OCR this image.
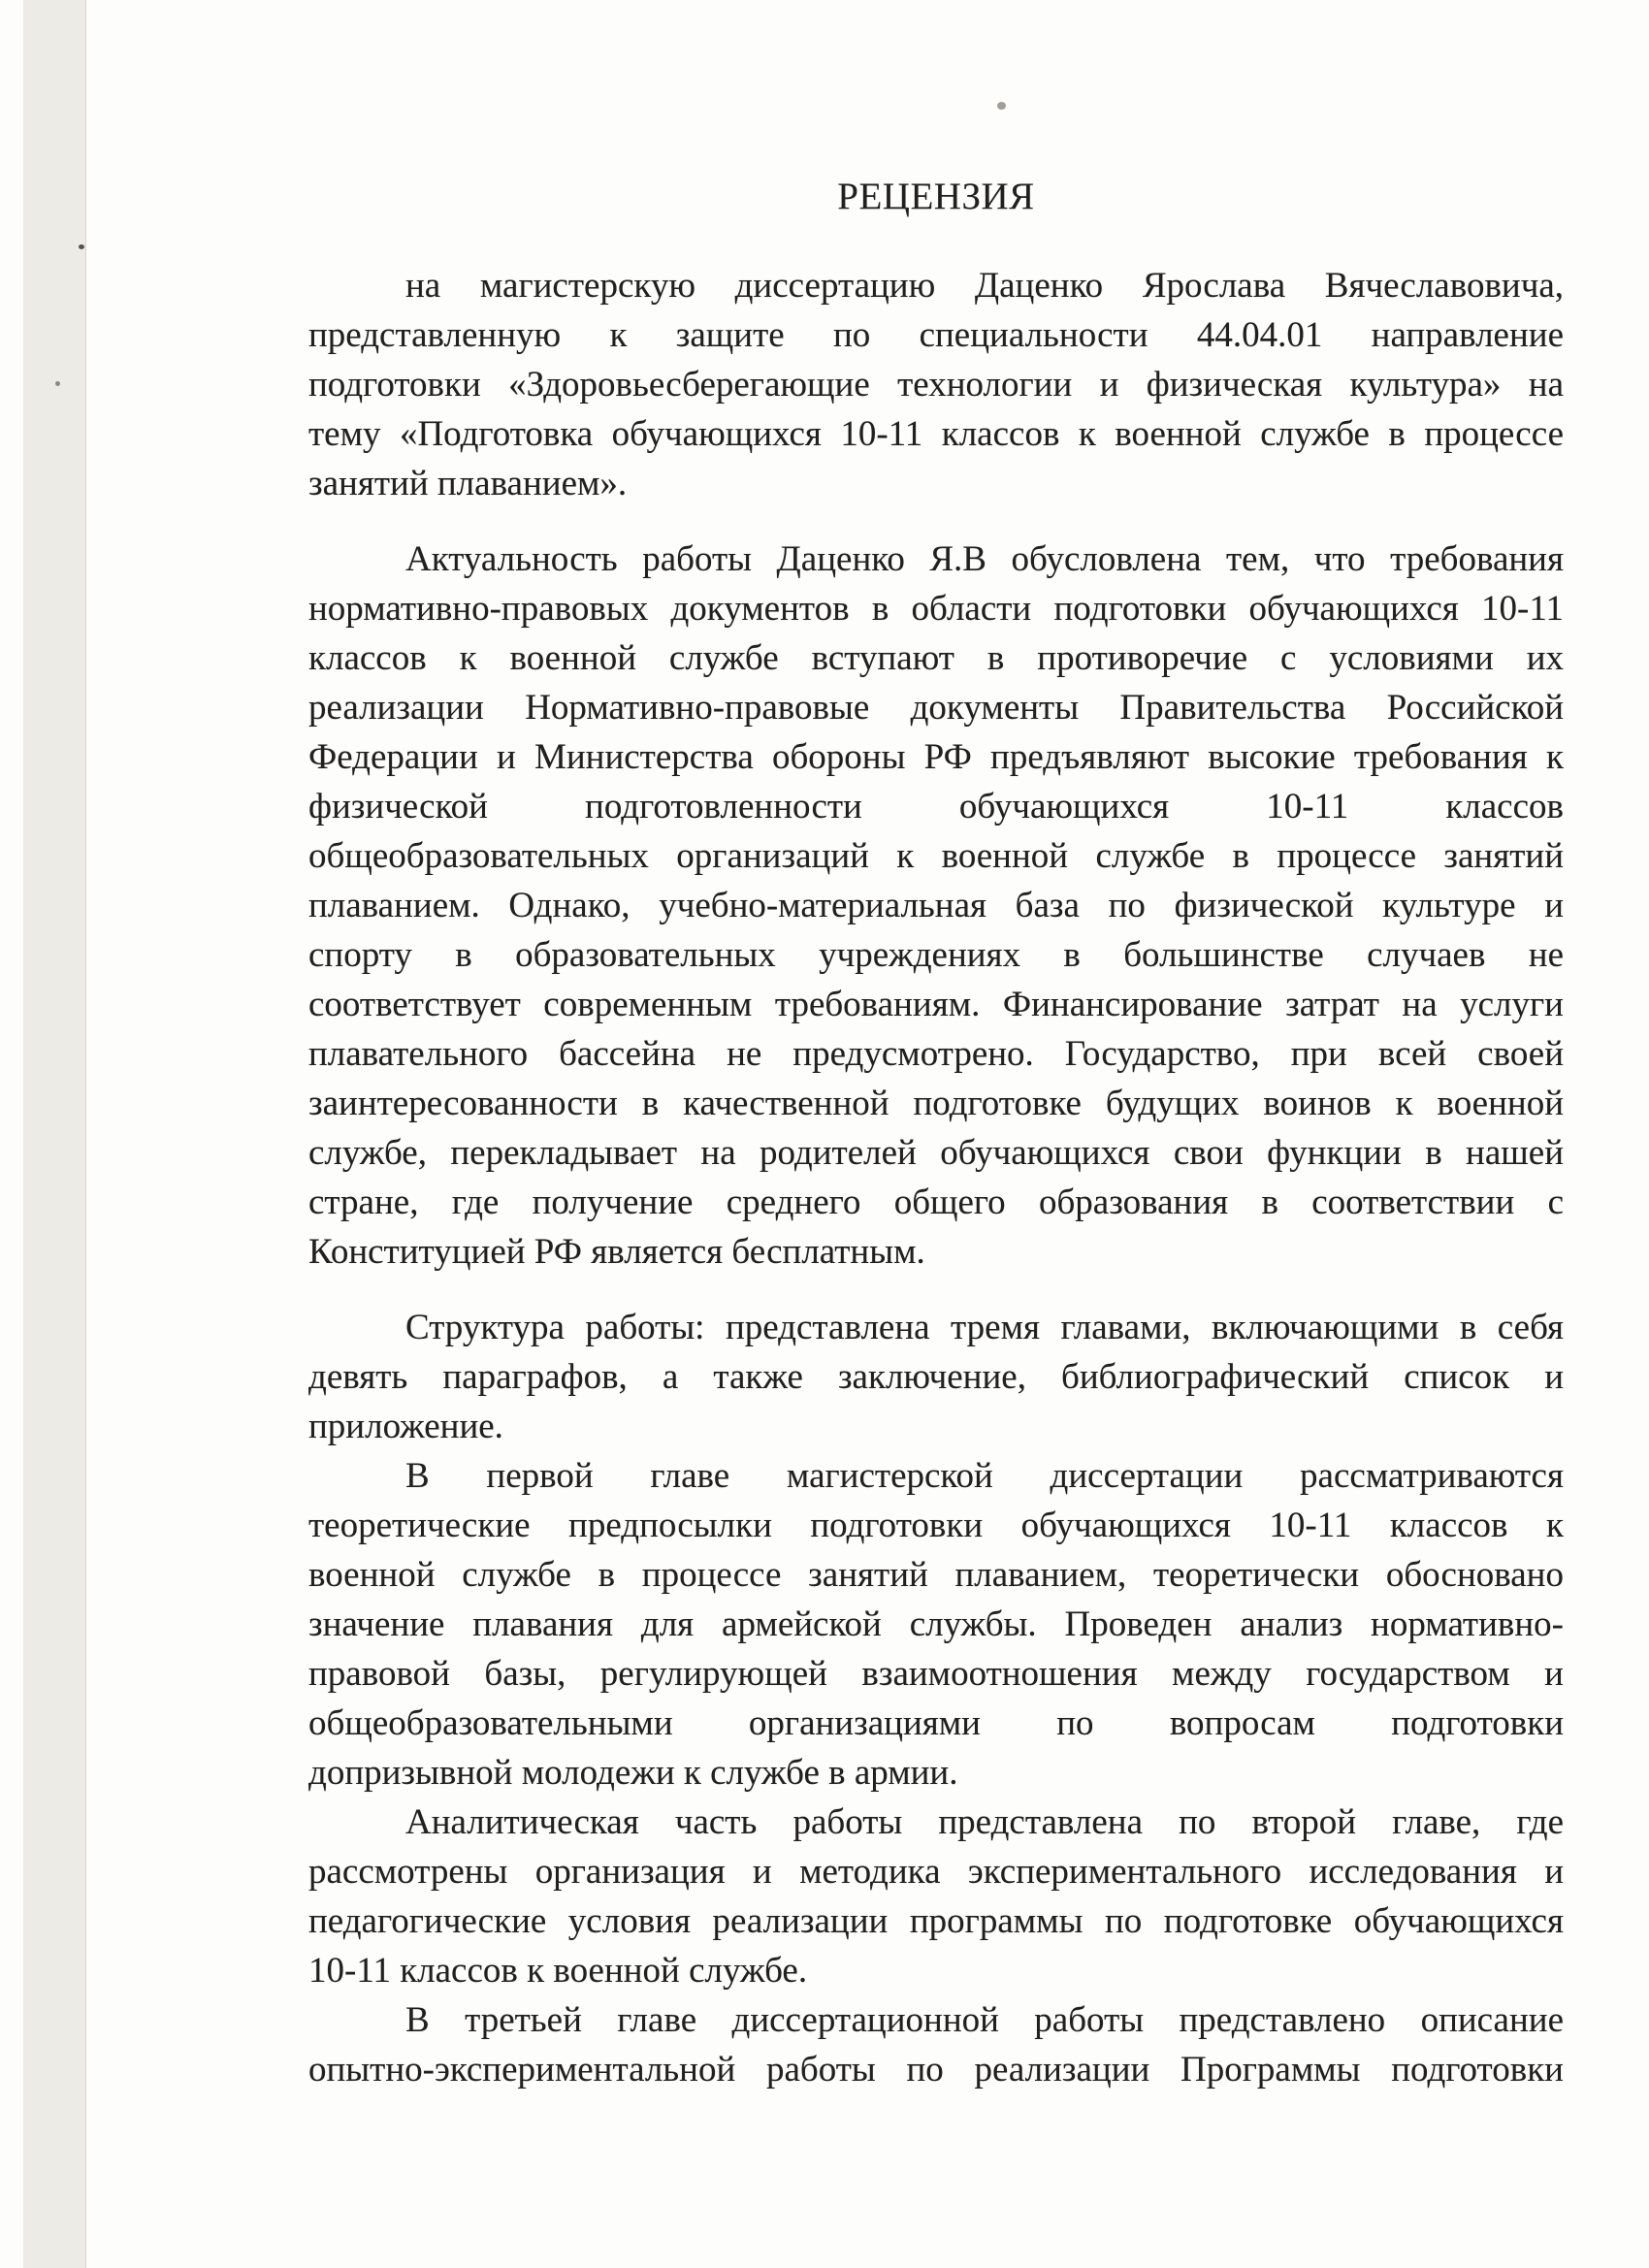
РЕЦЕНЗИЯ
на магистерскую диссертацию Даценко Ярослава Вячеславовича,
представленную к защите по специальности 44.04.01 направление
подготовки «Здоровьесберегающие технологии и физическая культура» на
тему «Подготовка обучающихся 10-11 классов к военной службе в процессе
занятий плаванием».
Актуальность работы Даценко Я.В обусловлена тем, что требования
нормативно-правовых документов в области подготовки обучающихся 10-11
классов к военной службе вступают в противоречие с условиями их
реализации Нормативно-правовые документы Правительства Российской
Федерации и Министерства обороны РФ предъявляют высокие требования к
физической подготовленности обучающихся 10-11 классов
общеобразовательных организаций к военной службе в процессе занятий
плаванием. Однако, учебно-материальная база по физической культуре и
спорту в образовательных учреждениях в большинстве случаев не
соответствует современным требованиям. Финансирование затрат на услуги
плавательного бассейна не предусмотрено. Государство, при всей своей
заинтересованности в качественной подготовке будущих воинов к военной
службе, перекладывает на родителей обучающихся свои функции в нашей
стране, где получение среднего общего образования в соответствии с
Конституцией РФ является бесплатным.
Структура работы: представлена тремя главами, включающими в себя
девять параграфов, а также заключение, библиографический список и
приложение.
В первой главе магистерской диссертации рассматриваются
теоретические предпосылки подготовки обучающихся 10-11 классов к
военной службе в процессе занятий плаванием, теоретически обосновано
значение плавания для армейской службы. Проведен анализ нормативно-
правовой базы, регулирующей взаимоотношения между государством и
общеобразовательными организациями по вопросам подготовки
допризывной молодежи к службе в армии.
Аналитическая часть работы представлена по второй главе, где
рассмотрены организация и методика экспериментального исследования и
педагогические условия реализации программы по подготовке обучающихся
10-11 классов к военной службе.
В третьей главе диссертационной работы представлено описание
опытно-экспериментальной работы по реализации Программы подготовки
